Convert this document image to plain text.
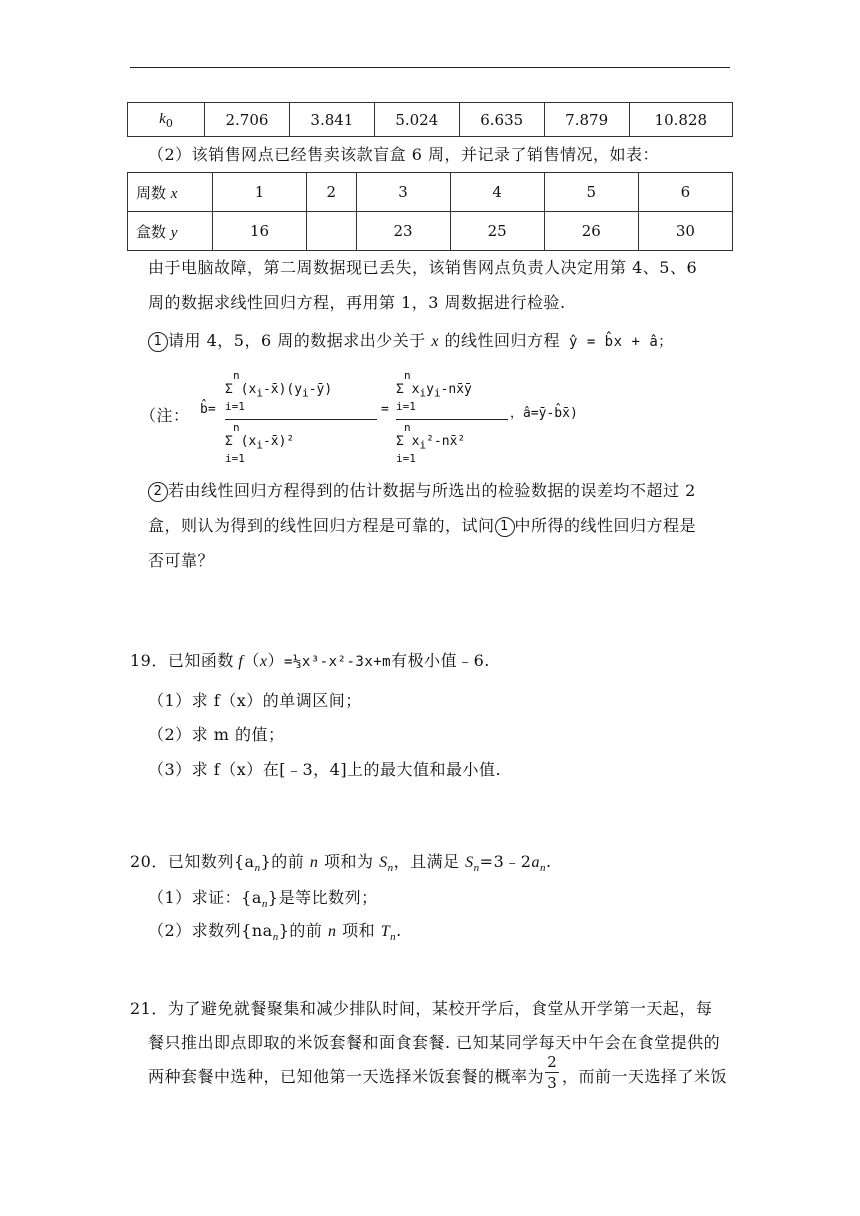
$k_0$	2.706	3.841	5.024	6.635	7.879	10.828
（2）该销售网点已经售卖该款盲盒 6 周，并记录了销售情况，如表：
周数 x	1	2	3	4	5	6
盒数 y	16		23	25	26	30
由于电脑故障，第二周数据现已丢失，该销售网点负责人决定用第 4、5、6
周的数据求线性回归方程，再用第 1，3 周数据进行检验.
1 请用 4，5，6 周的数据求出少关于 x 的线性回归方程 ŷ = b̂x + â；
（注： b̂=
n
Σ $(x_i-x̄)(y_i-ȳ)$
i=1
n
Σ $(x_i-x̄)^2$
i=1
=
n
Σ $x_iy_i-nx̄ȳ$
i=1
n
Σ $x_i^2-nx̄^2$
i=1
，â=ȳ-b̂x̄)
2 若由线性回归方程得到的估计数据与所选出的检验数据的误差均不超过 2
盒，则认为得到的线性回归方程是可靠的，试问 1 中所得的线性回归方程是
否可靠？
19．已知函数 f（x）=⅓x³-x²-3x+m有极小值﹣6.
（1）求 f（x）的单调区间；
（2）求 m 的值；
（3）求 f（x）在[﹣3，4]上的最大值和最小值.
20．已知数列$\{a_n\}$的前 n 项和为 $S_n$，且满足 $S_n=3﹣2a_n$.
（1）求证：$\{a_n\}$是等比数列；
（2）求数列$\{na_n\}$的前 n 项和 $T_n$.
21．为了避免就餐聚集和减少排队时间，某校开学后，食堂从开学第一天起，每
餐只推出即点即取的米饭套餐和面食套餐. 已知某同学每天中午会在食堂提供的
两种套餐中选种，已知他第一天选择米饭套餐的概率为
2
3 ，而前一天选择了米饭
